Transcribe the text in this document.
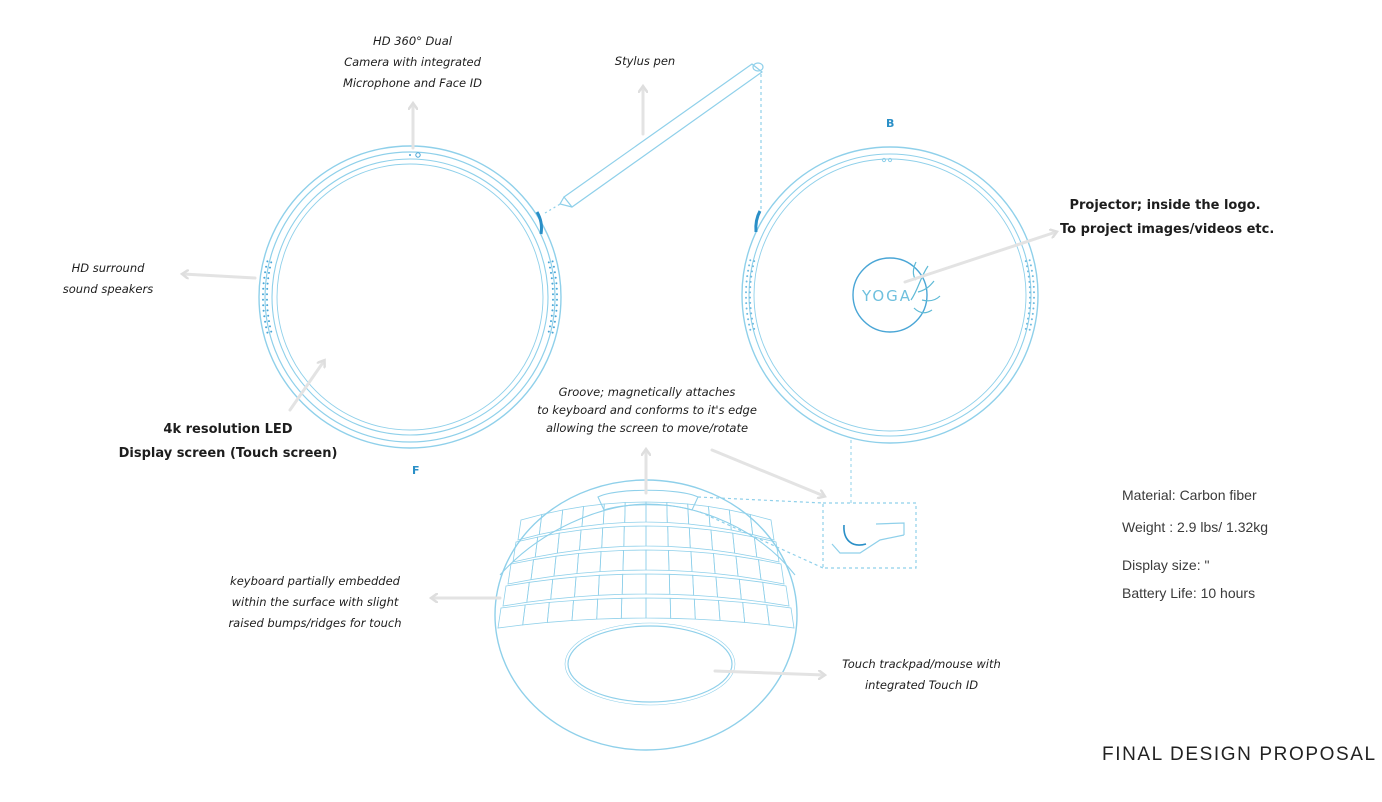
YOGA
F
B
HD 360° Dual
Camera with integrated
Microphone and Face ID
Stylus pen
HD surround
sound speakers
4k resolution LED
Display screen (Touch screen)
Projector; inside the logo.
To project images/videos etc.
Groove; magnetically attaches
to keyboard and conforms to it's edge
allowing the screen to move/rotate
keyboard partially embedded
within the surface with slight
raised bumps/ridges for touch
Touch trackpad/mouse with
integrated Touch ID
Material: Carbon fiber
Weight : 2.9 lbs/ 1.32kg
Display size: "
Battery Life: 10 hours
FINAL DESIGN PROPOSAL
